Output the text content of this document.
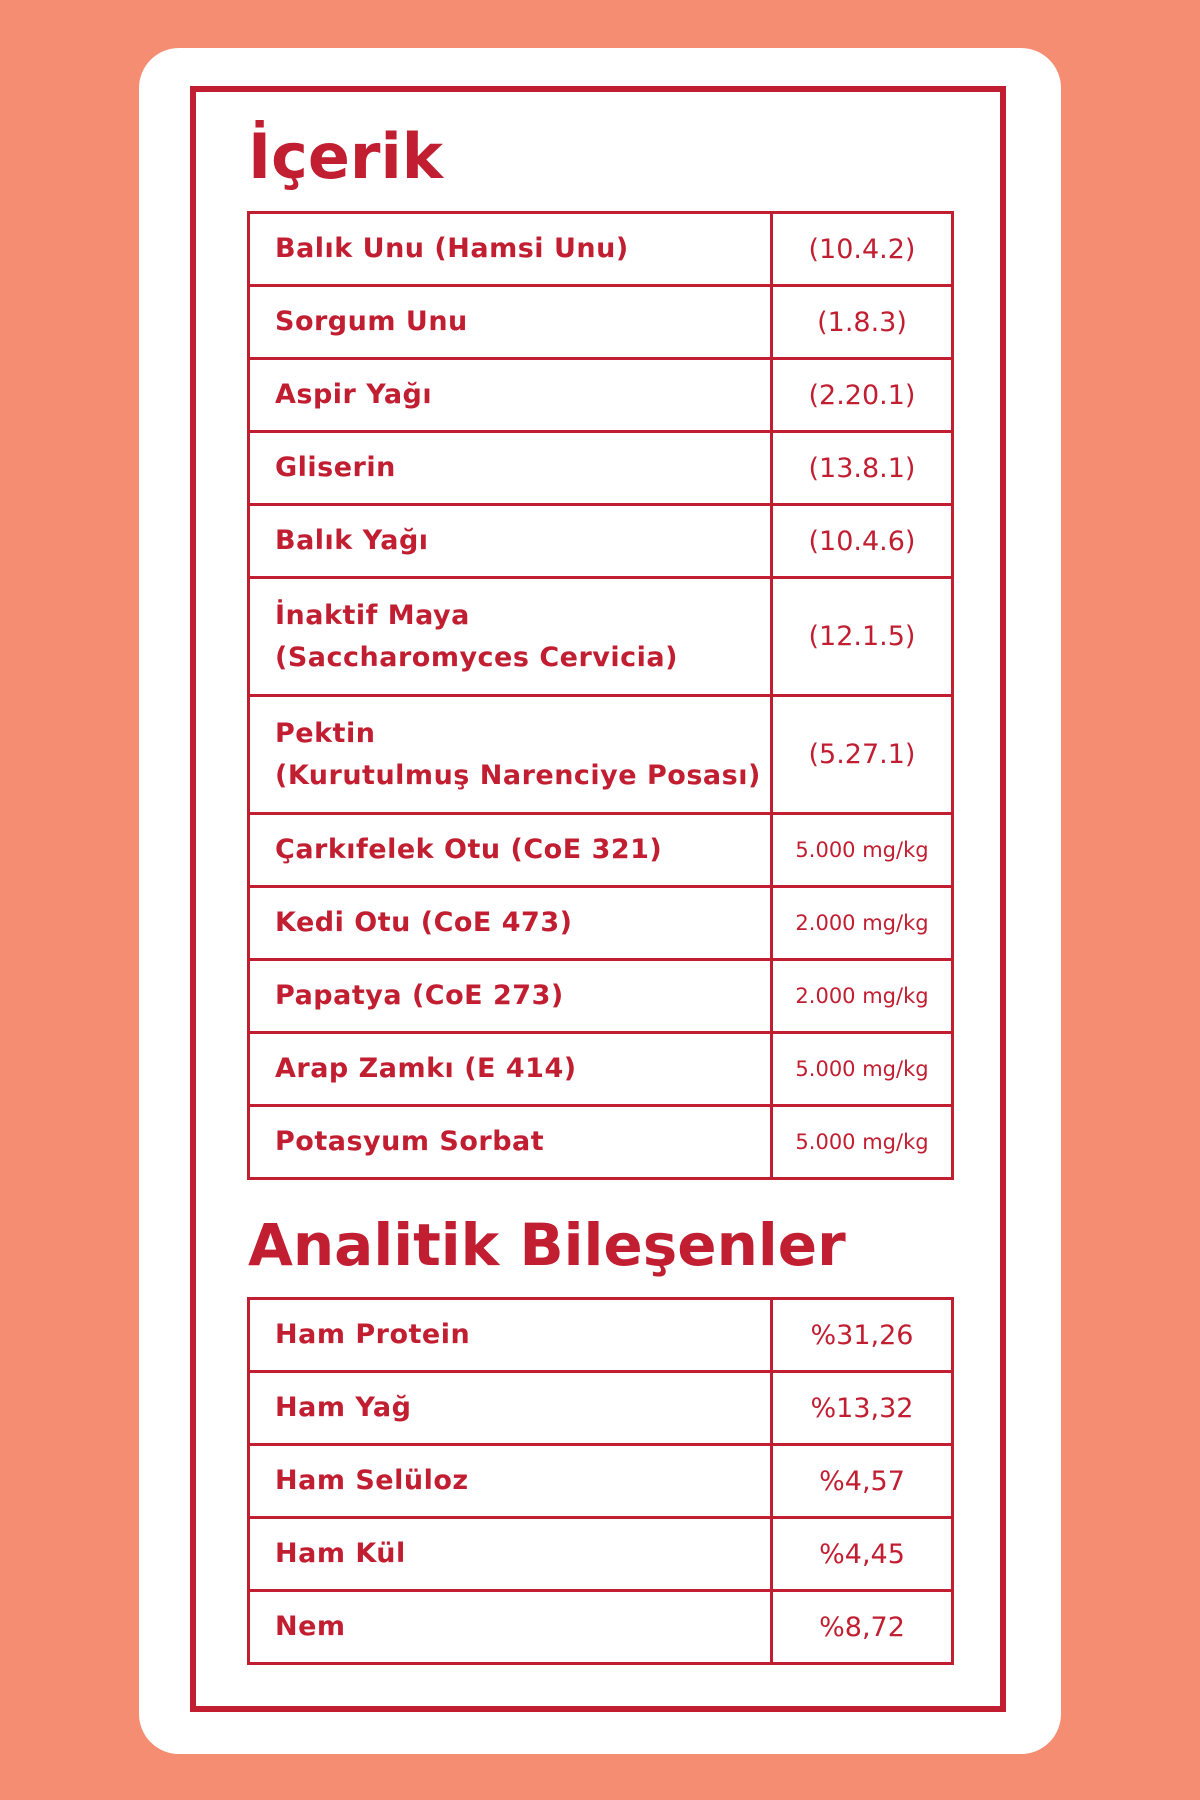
İçerik
Balık Unu (Hamsi Unu)	(10.4.2)
Sorgum Unu	(1.8.3)
Aspir Yağı	(2.20.1)
Gliserin	(13.8.1)
Balık Yağı	(10.4.6)

İnaktif Maya
(Saccharomyces Cervicia)	(12.1.5)

Pektin
(Kurutulmuş Narenciye Posası)	(5.27.1)
Çarkıfelek Otu (CoE 321)	5.000 mg/kg
Kedi Otu (CoE 473)	2.000 mg/kg
Papatya (CoE 273)	2.000 mg/kg
Arap Zamkı (E 414)	5.000 mg/kg
Potasyum Sorbat	5.000 mg/kg
Analitik Bileşenler
Ham Protein	%31,26
Ham Yağ	%13,32
Ham Selüloz	%4,57
Ham Kül	%4,45
Nem	%8,72
